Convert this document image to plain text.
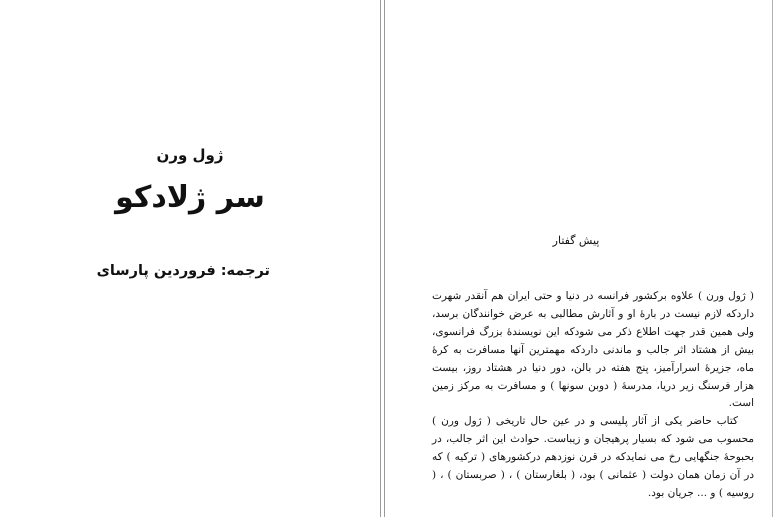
ژول ورن
سر ژلادکو
ترجمه: فروردین پارسای
پیش گفتار

( ژول ورن ) علاوه برکشور فرانسه در دنیا و حتی ایران هم آنقدر شهرت داردکه لازم نیست در بارهٔ او و آثارش مطالبی به عرض خوانندگان برسد، ولی همین قدر جهت اطلاع ذکر می شودکه این نویسندهٔ بزرگ فرانسوی، بیش از هشتاد اثر جالب و ماندنی داردکه مهمترین آنها مسافرت به کرهٔ ماه، جزیرهٔ اسرارآمیز، پنج هفته در بالن، دور دنیا در هشتاد روز، بیست هزار فرسنگ زیر دریا، مدرسهٔ ( دوبن سونها ) و مسافرت به مرکز زمین است.

کتاب حاضر یکی از آثار پلیسی و در عین حال تاریخی ( ژول ورن ) محسوب می شود که بسیار پرهیجان و زیباست. حوادث این اثر جالب، در بحبوحهٔ جنگهایی رخ می نمایدکه در قرن نوزدهم درکشورهای ( ترکیه ) که در آن زمان همان دولت ( عثمانی ) بود، ( بلغارستان ) ، ( صربستان ) ، ( روسیه ) و ... جریان بود.
